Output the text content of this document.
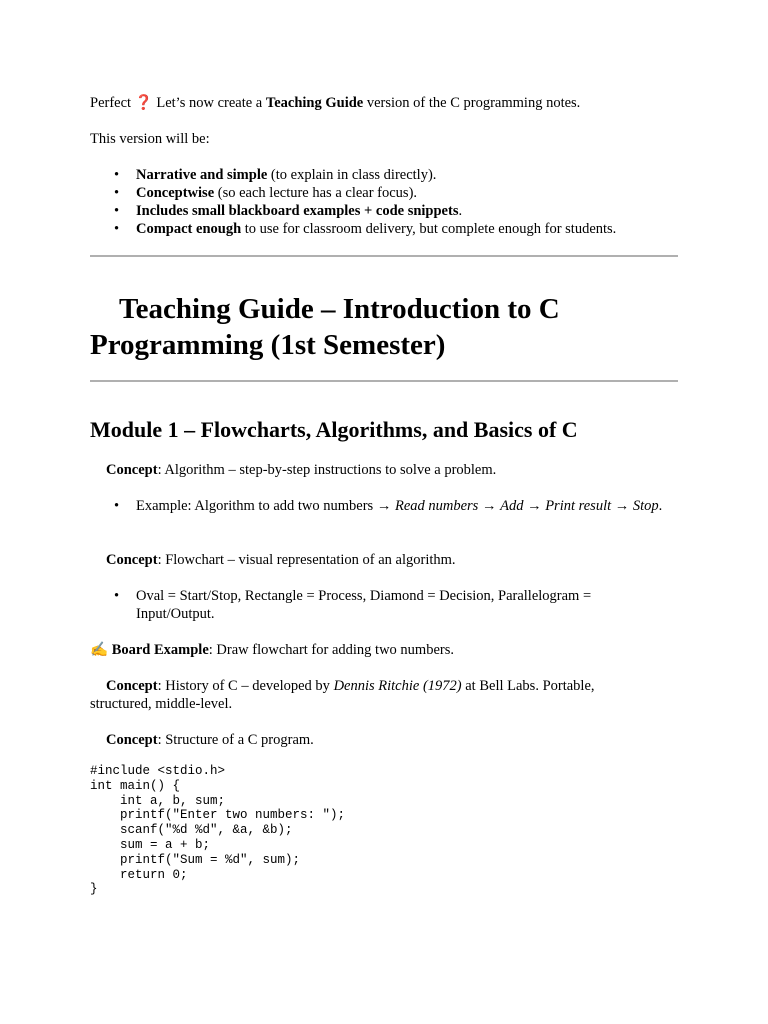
Perfect ❓ Let’s now create a Teaching Guide version of the C programming notes.
This version will be:
• Narrative and simple (to explain in class directly).
• Conceptwise (so each lecture has a clear focus).
• Includes small blackboard examples + code snippets.
• Compact enough to use for classroom delivery, but complete enough for students.
 Teaching Guide – Introduction to C
Programming (1st Semester)
Module 1 – Flowcharts, Algorithms, and Basics of C
Concept: Algorithm – step-by-step instructions to solve a problem.
• Example: Algorithm to add two numbers → Read numbers → Add → Print result → Stop.
Concept: Flowchart – visual representation of an algorithm.
• Oval = Start/Stop, Rectangle = Process, Diamond = Decision, Parallelogram =
Input/Output.
✍ Board Example: Draw flowchart for adding two numbers.
Concept: History of C – developed by Dennis Ritchie (1972) at Bell Labs. Portable,
structured, middle-level.
Concept: Structure of a C program.
#include <stdio.h>
int main() {
int a, b, sum;
printf("Enter two numbers: ");
scanf("%d %d", &a, &b);
sum = a + b;
printf("Sum = %d", sum);
return 0;
}
